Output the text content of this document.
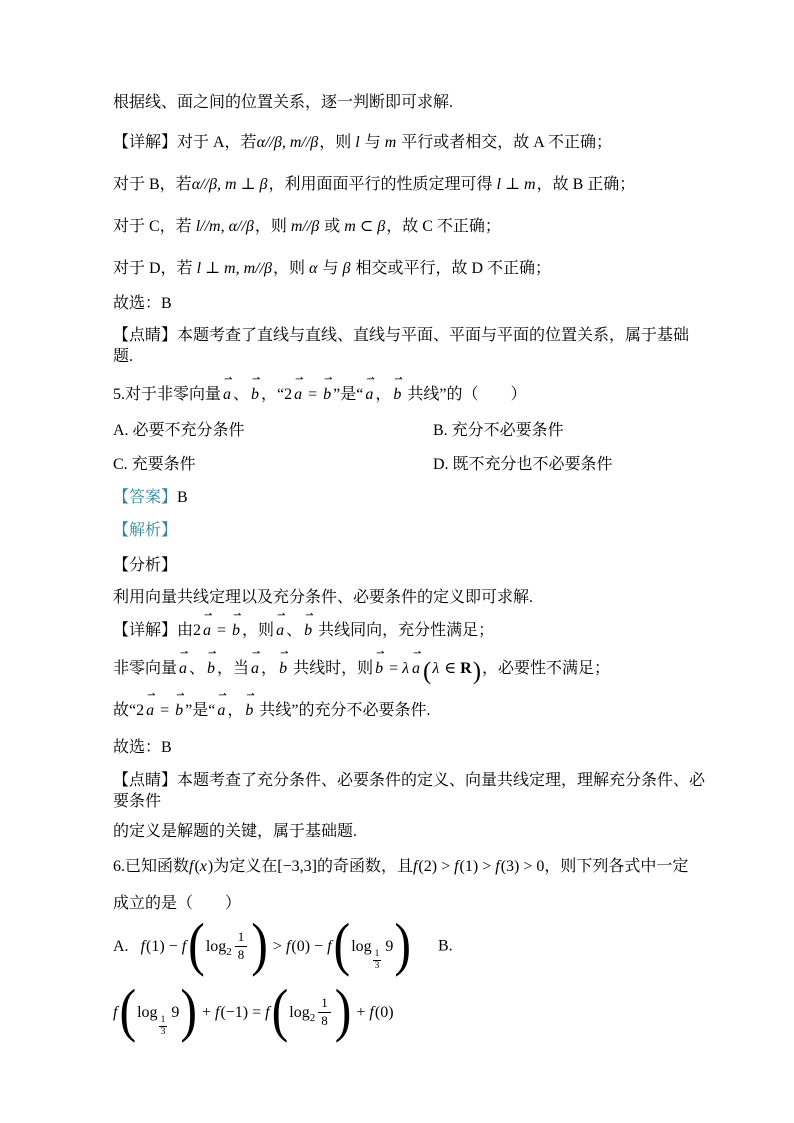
根据线、面之间的位置关系，逐一判断即可求解.
【详解】对于 A，若α//β, m//β，则 l 与 m 平行或者相交，故 A 不正确；
对于 B，若α//β, m ⊥ β，利用面面平行的性质定理可得 l ⊥ m，故 B 正确；
对于 C，若 l//m, α//β，则 m//β 或 m ⊂ β，故 C 不正确；
对于 D，若 l ⊥ m, m//β，则 α 与 β 相交或平行，故 D 不正确；
故选：B
【点睛】本题考查了直线与直线、直线与平面、平面与平面的位置关系，属于基础题.
5.对于非零向量
⇀
a 、
⇀
b ，“2
⇀
a =
⇀
b ”是“
⇀
a ，
⇀
b 共线”的（　　）
A. 必要不充分条件	B. 充分不必要条件
C. 充要条件	D. 既不充分也不必要条件
【答案】B
【解析】
【分析】
利用向量共线定理以及充分条件、必要条件的定义即可求解.
【详解】由2
⇀
a =
⇀
b ，则
⇀
a 、
⇀
b 共线同向，充分性满足；
非零向量
⇀
a 、
⇀
b ，当
⇀
a ，
⇀
b 共线时，则
⇀
b = λ
⇀
a (λ ∈ R)，必要性不满足；
故“2
⇀
a =
⇀
b ”是“
⇀
a ，
⇀
b 共线”的充分不必要条件.
故选：B
【点睛】本题考查了充分条件、必要条件的定义、向量共线定理，理解充分条件、必要条件
的定义是解题的关键，属于基础题.
6.已知函数f(x)为定义在[−3,3]的奇函数，且f(2) > f(1) > f(3) > 0，则下列各式中一定
成立的是（　　）
A. f (1) − f ( $\log 2 \frac{1}{8}$ ) > f (0) − f ( log
$\frac{1}{3}$
9 ) B.
f ( log
$\frac{1}{3}$
9 ) + f (−1) = f ( $\log 2 \frac{1}{8}$ ) + f (0)
